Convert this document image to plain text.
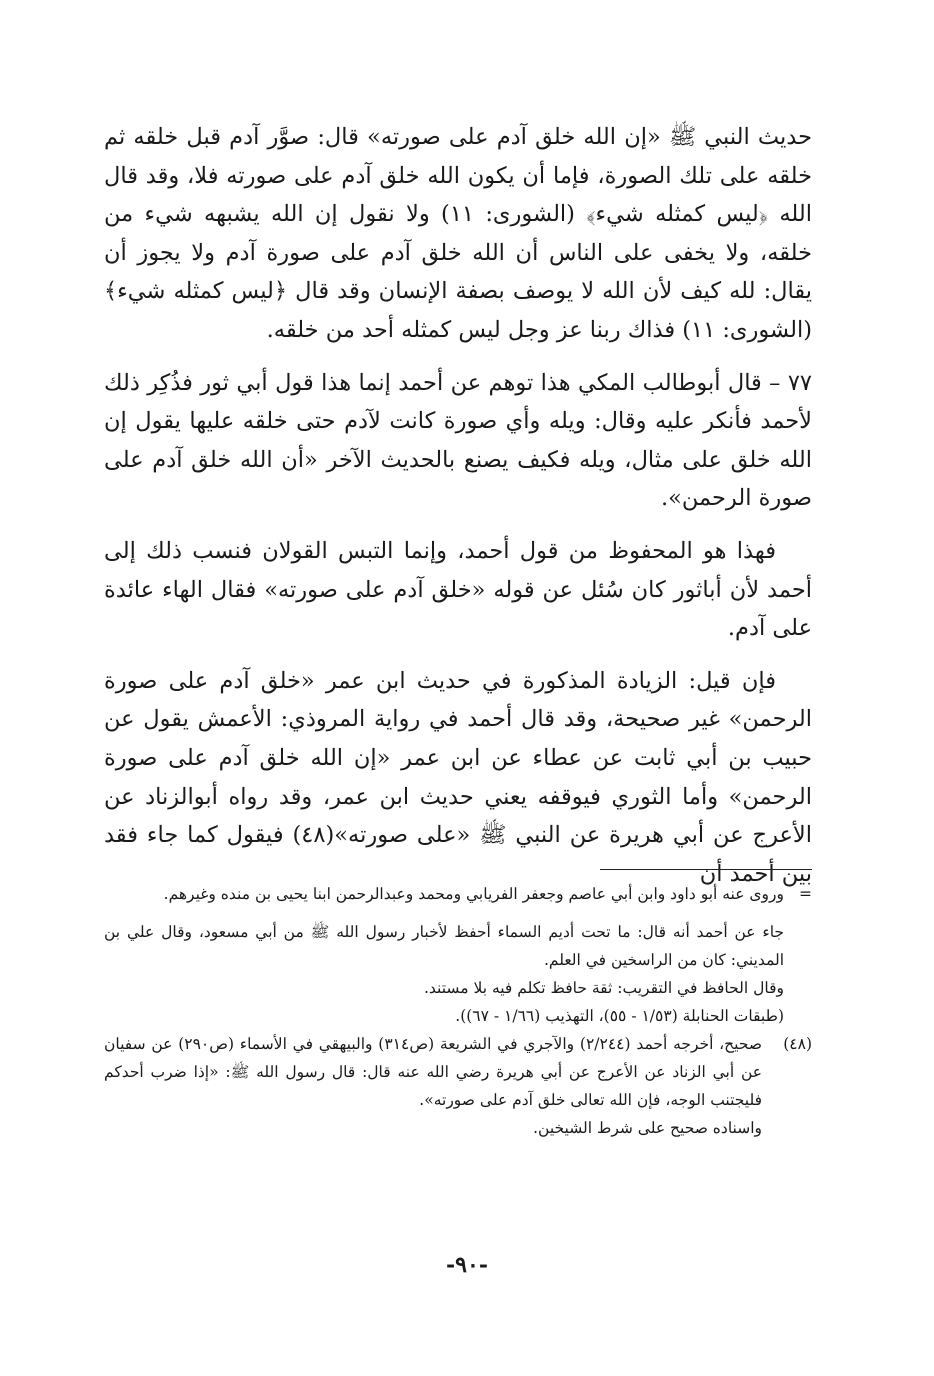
حديث النبي ﷺ «إن الله خلق آدم على صورته» قال: صوَّر آدم قبل خلقه ثم خلقه على تلك الصورة، فإما أن يكون الله خلق آدم على صورته فلا، وقد قال الله ﴿ليس كمثله شيء﴾ (الشورى: ١١) ولا نقول إن الله يشبهه شيء من خلقه، ولا يخفى على الناس أن الله خلق آدم على صورة آدم ولا يجوز أن يقال: لله كيف لأن الله لا يوصف بصفة الإنسان وقد قال ﴿ليس كمثله شيء﴾ (الشورى: ١١) فذاك ربنا عز وجل ليس كمثله أحد من خلقه.

٧٧ – قال أبوطالب المكي هذا توهم عن أحمد إنما هذا قول أبي ثور فذُكِر ذلك لأحمد فأنكر عليه وقال: ويله وأي صورة كانت لآدم حتى خلقه عليها يقول إن الله خلق على مثال، ويله فكيف يصنع بالحديث الآخر «أن الله خلق آدم على صورة الرحمن».

فهذا هو المحفوظ من قول أحمد، وإنما التبس القولان فنسب ذلك إلى أحمد لأن أباثور كان سُئل عن قوله «خلق آدم على صورته» فقال الهاء عائدة على آدم.

فإن قيل: الزيادة المذكورة في حديث ابن عمر «خلق آدم على صورة الرحمن» غير صحيحة، وقد قال أحمد في رواية المروذي: الأعمش يقول عن حبيب بن أبي ثابت عن عطاء عن ابن عمر «إن الله خلق آدم على صورة الرحمن» وأما الثوري فيوقفه يعني حديث ابن عمر، وقد رواه أبوالزناد عن الأعرج عن أبي هريرة عن النبي ﷺ «على صورته»(٤٨) فيقول كما جاء فقد بين أحمد أن

=
وروى عنه أبو داود وابن أبي عاصم وجعفر الفريابي ومحمد وعبدالرحمن ابنا يحيى بن منده وغيرهم.

جاء عن أحمد أنه قال: ما تحت أديم السماء أحفظ لأخبار رسول الله ﷺ من أبي مسعود، وقال علي بن المديني: كان من الراسخين في العلم.

وقال الحافظ في التقريب: ثقة حافظ تكلم فيه بلا مستند.

(طبقات الحنابلة (١/٥٣ - ٥٥)، التهذيب (١/٦٦ - ٦٧)).

(٤٨)

صحيح، أخرجه أحمد (٢/٢٤٤) والآجري في الشريعة (ص٣١٤) والبيهقي في الأسماء (ص٢٩٠) عن سفيان عن أبي الزناد عن الأعرج عن أبي هريرة رضي الله عنه قال: قال رسول الله ﷺ: «إذا ضرب أحدكم فليجتنب الوجه، فإن الله تعالى خلق آدم على صورته».

واسناده صحيح على شرط الشيخين.

-٩٠-
